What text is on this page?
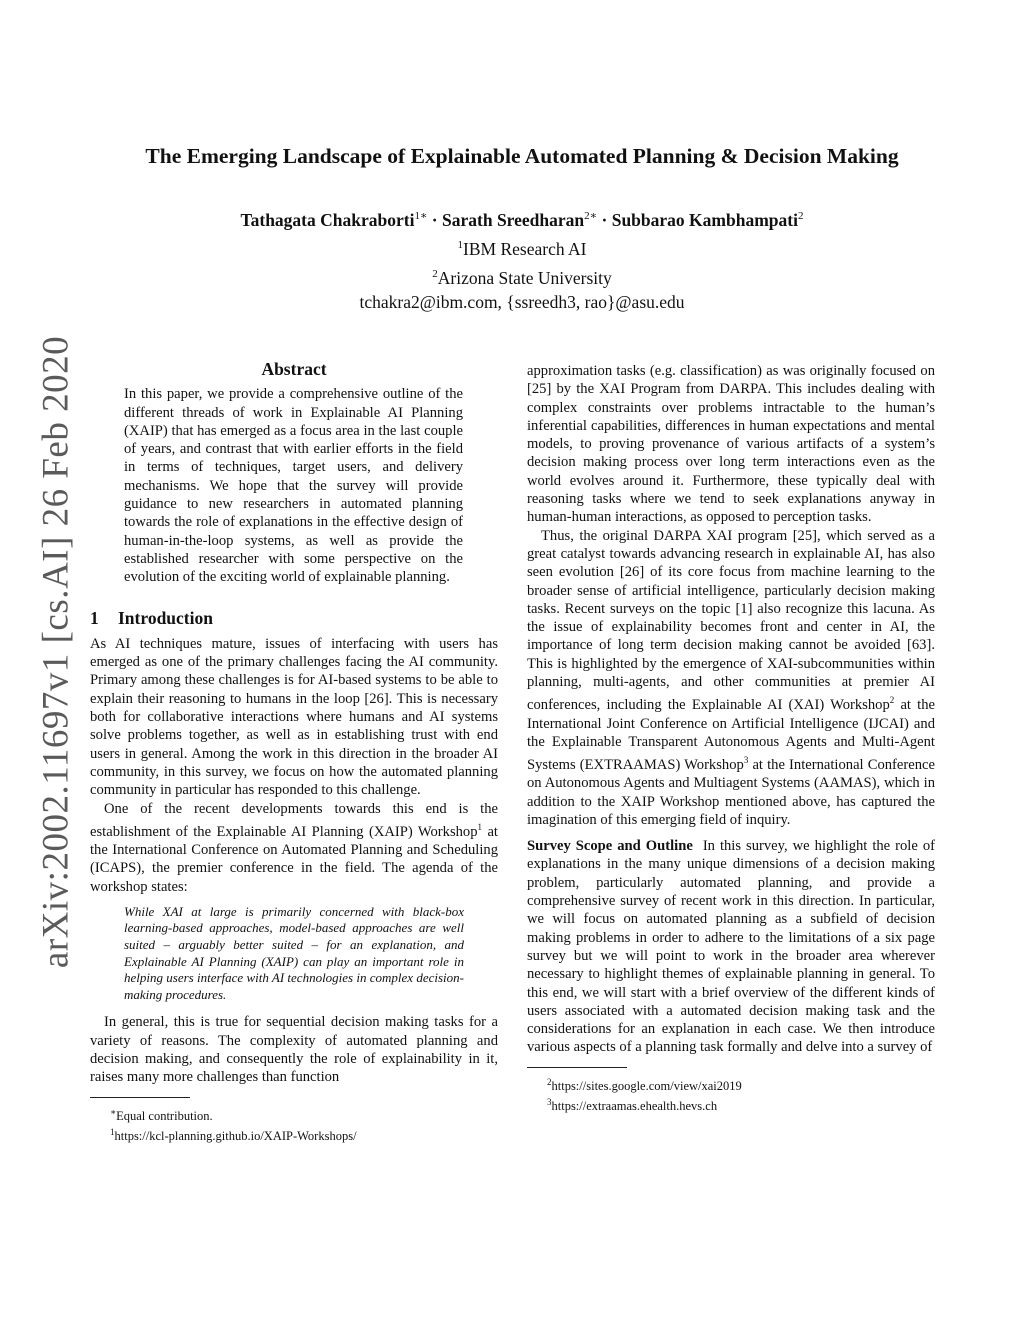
arXiv:2002.11697v1 [cs.AI] 26 Feb 2020
The Emerging Landscape of Explainable Automated Planning & Decision Making
Tathagata Chakraborti$^{1∗}$ · Sarath Sreedharan$^{2∗}$ · Subbarao Kambhampati$^2$
$^1$IBM Research AI
$^2$Arizona State University
tchakra2@ibm.com, {ssreedh3, rao}@asu.edu
Abstract

In this paper, we provide a comprehensive outline of the different threads of work in Explainable AI Planning (XAIP) that has emerged as a focus area in the last couple of years, and contrast that with earlier efforts in the field in terms of techniques, target users, and delivery mechanisms. We hope that the survey will provide guidance to new researchers in automated planning towards the role of explanations in the effective design of human-in-the-loop systems, as well as provide the established researcher with some perspective on the evolution of the exciting world of explainable planning.

1 Introduction

As AI techniques mature, issues of interfacing with users has emerged as one of the primary challenges facing the AI community. Primary among these challenges is for AI-based systems to be able to explain their reasoning to humans in the loop [26]. This is necessary both for collaborative interactions where humans and AI systems solve problems together, as well as in establishing trust with end users in general. Among the work in this direction in the broader AI community, in this survey, we focus on how the automated planning community in particular has responded to this challenge.

One of the recent developments towards this end is the establishment of the Explainable AI Planning (XAIP) Workshop$^1$ at the International Conference on Automated Planning and Scheduling (ICAPS), the premier conference in the field. The agenda of the workshop states:

While XAI at large is primarily concerned with black-box learning-based approaches, model-based approaches are well suited – arguably better suited – for an explanation, and Explainable AI Planning (XAIP) can play an important role in helping users interface with AI technologies in complex decision-making procedures.

In general, this is true for sequential decision making tasks for a variety of reasons. The complexity of automated planning and decision making, and consequently the role of explainability in it, raises many more challenges than function

∗Equal contribution.

$^1$https://kcl-planning.github.io/XAIP-Workshops/

approximation tasks (e.g. classification) as was originally focused on [25] by the XAI Program from DARPA. This includes dealing with complex constraints over problems intractable to the human’s inferential capabilities, differences in human expectations and mental models, to proving provenance of various artifacts of a system’s decision making process over long term interactions even as the world evolves around it. Furthermore, these typically deal with reasoning tasks where we tend to seek explanations anyway in human-human interactions, as opposed to perception tasks.

Thus, the original DARPA XAI program [25], which served as a great catalyst towards advancing research in explainable AI, has also seen evolution [26] of its core focus from machine learning to the broader sense of artificial intelligence, particularly decision making tasks. Recent surveys on the topic [1] also recognize this lacuna. As the issue of explainability becomes front and center in AI, the importance of long term decision making cannot be avoided [63]. This is highlighted by the emergence of XAI-subcommunities within planning, multi-agents, and other communities at premier AI conferences, including the Explainable AI (XAI) Workshop$^2$ at the International Joint Conference on Artificial Intelligence (IJCAI) and the Explainable Transparent Autonomous Agents and Multi-Agent Systems (EXTRAAMAS) Workshop$^3$ at the International Conference on Autonomous Agents and Multiagent Systems (AAMAS), which in addition to the XAIP Workshop mentioned above, has captured the imagination of this emerging field of inquiry.

Survey Scope and Outline In this survey, we highlight the role of explanations in the many unique dimensions of a decision making problem, particularly automated planning, and provide a comprehensive survey of recent work in this direction. In particular, we will focus on automated planning as a subfield of decision making problems in order to adhere to the limitations of a six page survey but we will point to work in the broader area wherever necessary to highlight themes of explainable planning in general. To this end, we will start with a brief overview of the different kinds of users associated with a automated decision making task and the considerations for an explanation in each case. We then introduce various aspects of a planning task formally and delve into a survey of

$^2$https://sites.google.com/view/xai2019

$^3$https://extraamas.ehealth.hevs.ch
